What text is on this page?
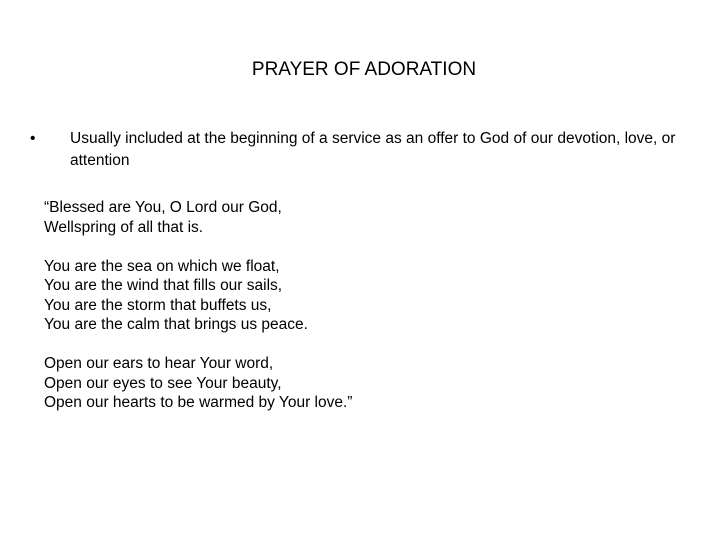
PRAYER OF ADORATION
•	Usually included at the beginning of a service as an offer to God of our devotion, love, or attention
“Blessed are You, O Lord our God,
Wellspring of all that is.
You are the sea on which we float,
You are the wind that fills our sails,
You are the storm that buffets us,
You are the calm that brings us peace.
Open our ears to hear Your word,
Open our eyes to see Your beauty,
Open our hearts to be warmed by Your love.”
